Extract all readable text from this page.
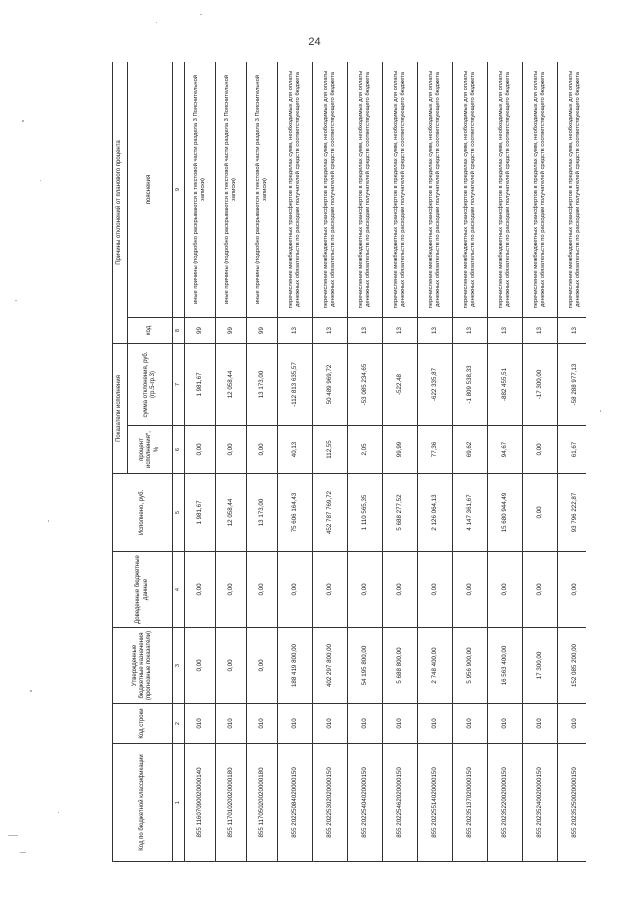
24
Код по бюджетной классификации	Код строки	Утвержденные бюджетные назначения (прогнозные показатели)	Доведенные бюджетные данные	Исполнено, руб.	Показатели исполнения		Причины отклонений от планового процента	
					процент исполнения*, %	сумма отклонения, руб. (гр.5-гр.3)		
							код	пояснения
1	2	3	4	5	6	7	8	9
855 11607090020000140	010	0,00	0,00	1 981,67	0,00	1 981,67	99	иные причины (подробно раскрываются в текстовой части раздела 3 Пояснительной записки)
855 11701020020000180	010	0,00	0,00	12 058,44	0,00	12 058,44	99	иные причины (подробно раскрываются в текстовой части раздела 3 Пояснительной записки)
855 11705020020000180	010	0,00	0,00	13 173,00	0,00	13 173,00	99	иные причины (подробно раскрываются в текстовой части раздела 3 Пояснительной записки)
855 20225084020000150	010	188 419 800,00	0,00	75 606 164,43	40,13	-112 813 635,57	13	перечисление межбюджетных трансфертов в пределах сумм, необходимых для оплаты денежных обязательств по расходам получателей средств соответствующего бюджета
855 20225302020000150	010	402 297 800,00	0,00	452 787 769,72	112,55	50 489 969,72	13	перечисление межбюджетных трансфертов в пределах сумм, необходимых для оплаты денежных обязательств по расходам получателей средств соответствующего бюджета
855 20225404020000150	010	54 195 800,00	0,00	1 110 565,35	2,05	-53 085 234,65	13	перечисление межбюджетных трансфертов в пределах сумм, необходимых для оплаты денежных обязательств по расходам получателей средств соответствующего бюджета
855 20225462020000150	010	5 688 800,00	0,00	5 688 277,52	99,99	-522,48	13	перечисление межбюджетных трансфертов в пределах сумм, необходимых для оплаты денежных обязательств по расходам получателей средств соответствующего бюджета
855 20225514020000150	010	2 748 400,00	0,00	2 126 064,13	77,36	-622 335,87	13	перечисление межбюджетных трансфертов в пределах сумм, необходимых для оплаты денежных обязательств по расходам получателей средств соответствующего бюджета
855 20235137020000150	010	5 956 900,00	0,00	4 147 361,67	69,62	-1 809 538,33	13	перечисление межбюджетных трансфертов в пределах сумм, необходимых для оплаты денежных обязательств по расходам получателей средств соответствующего бюджета
855 20235220020000150	010	16 563 400,00	0,00	15 680 944,49	94,67	-882 455,51	13	перечисление межбюджетных трансфертов в пределах сумм, необходимых для оплаты денежных обязательств по расходам получателей средств соответствующего бюджета
855 20235240020000150	010	17 300,00	0,00	0,00	0,00	-17 300,00	13	перечисление межбюджетных трансфертов в пределах сумм, необходимых для оплаты денежных обязательств по расходам получателей средств соответствующего бюджета
855 20235250020000150	010	152 085 200,00	0,00	93 796 222,87	61,67	-58 288 977,13	13	перечисление межбюджетных трансфертов в пределах сумм, необходимых для оплаты денежных обязательств по расходам получателей средств соответствующего бюджета
